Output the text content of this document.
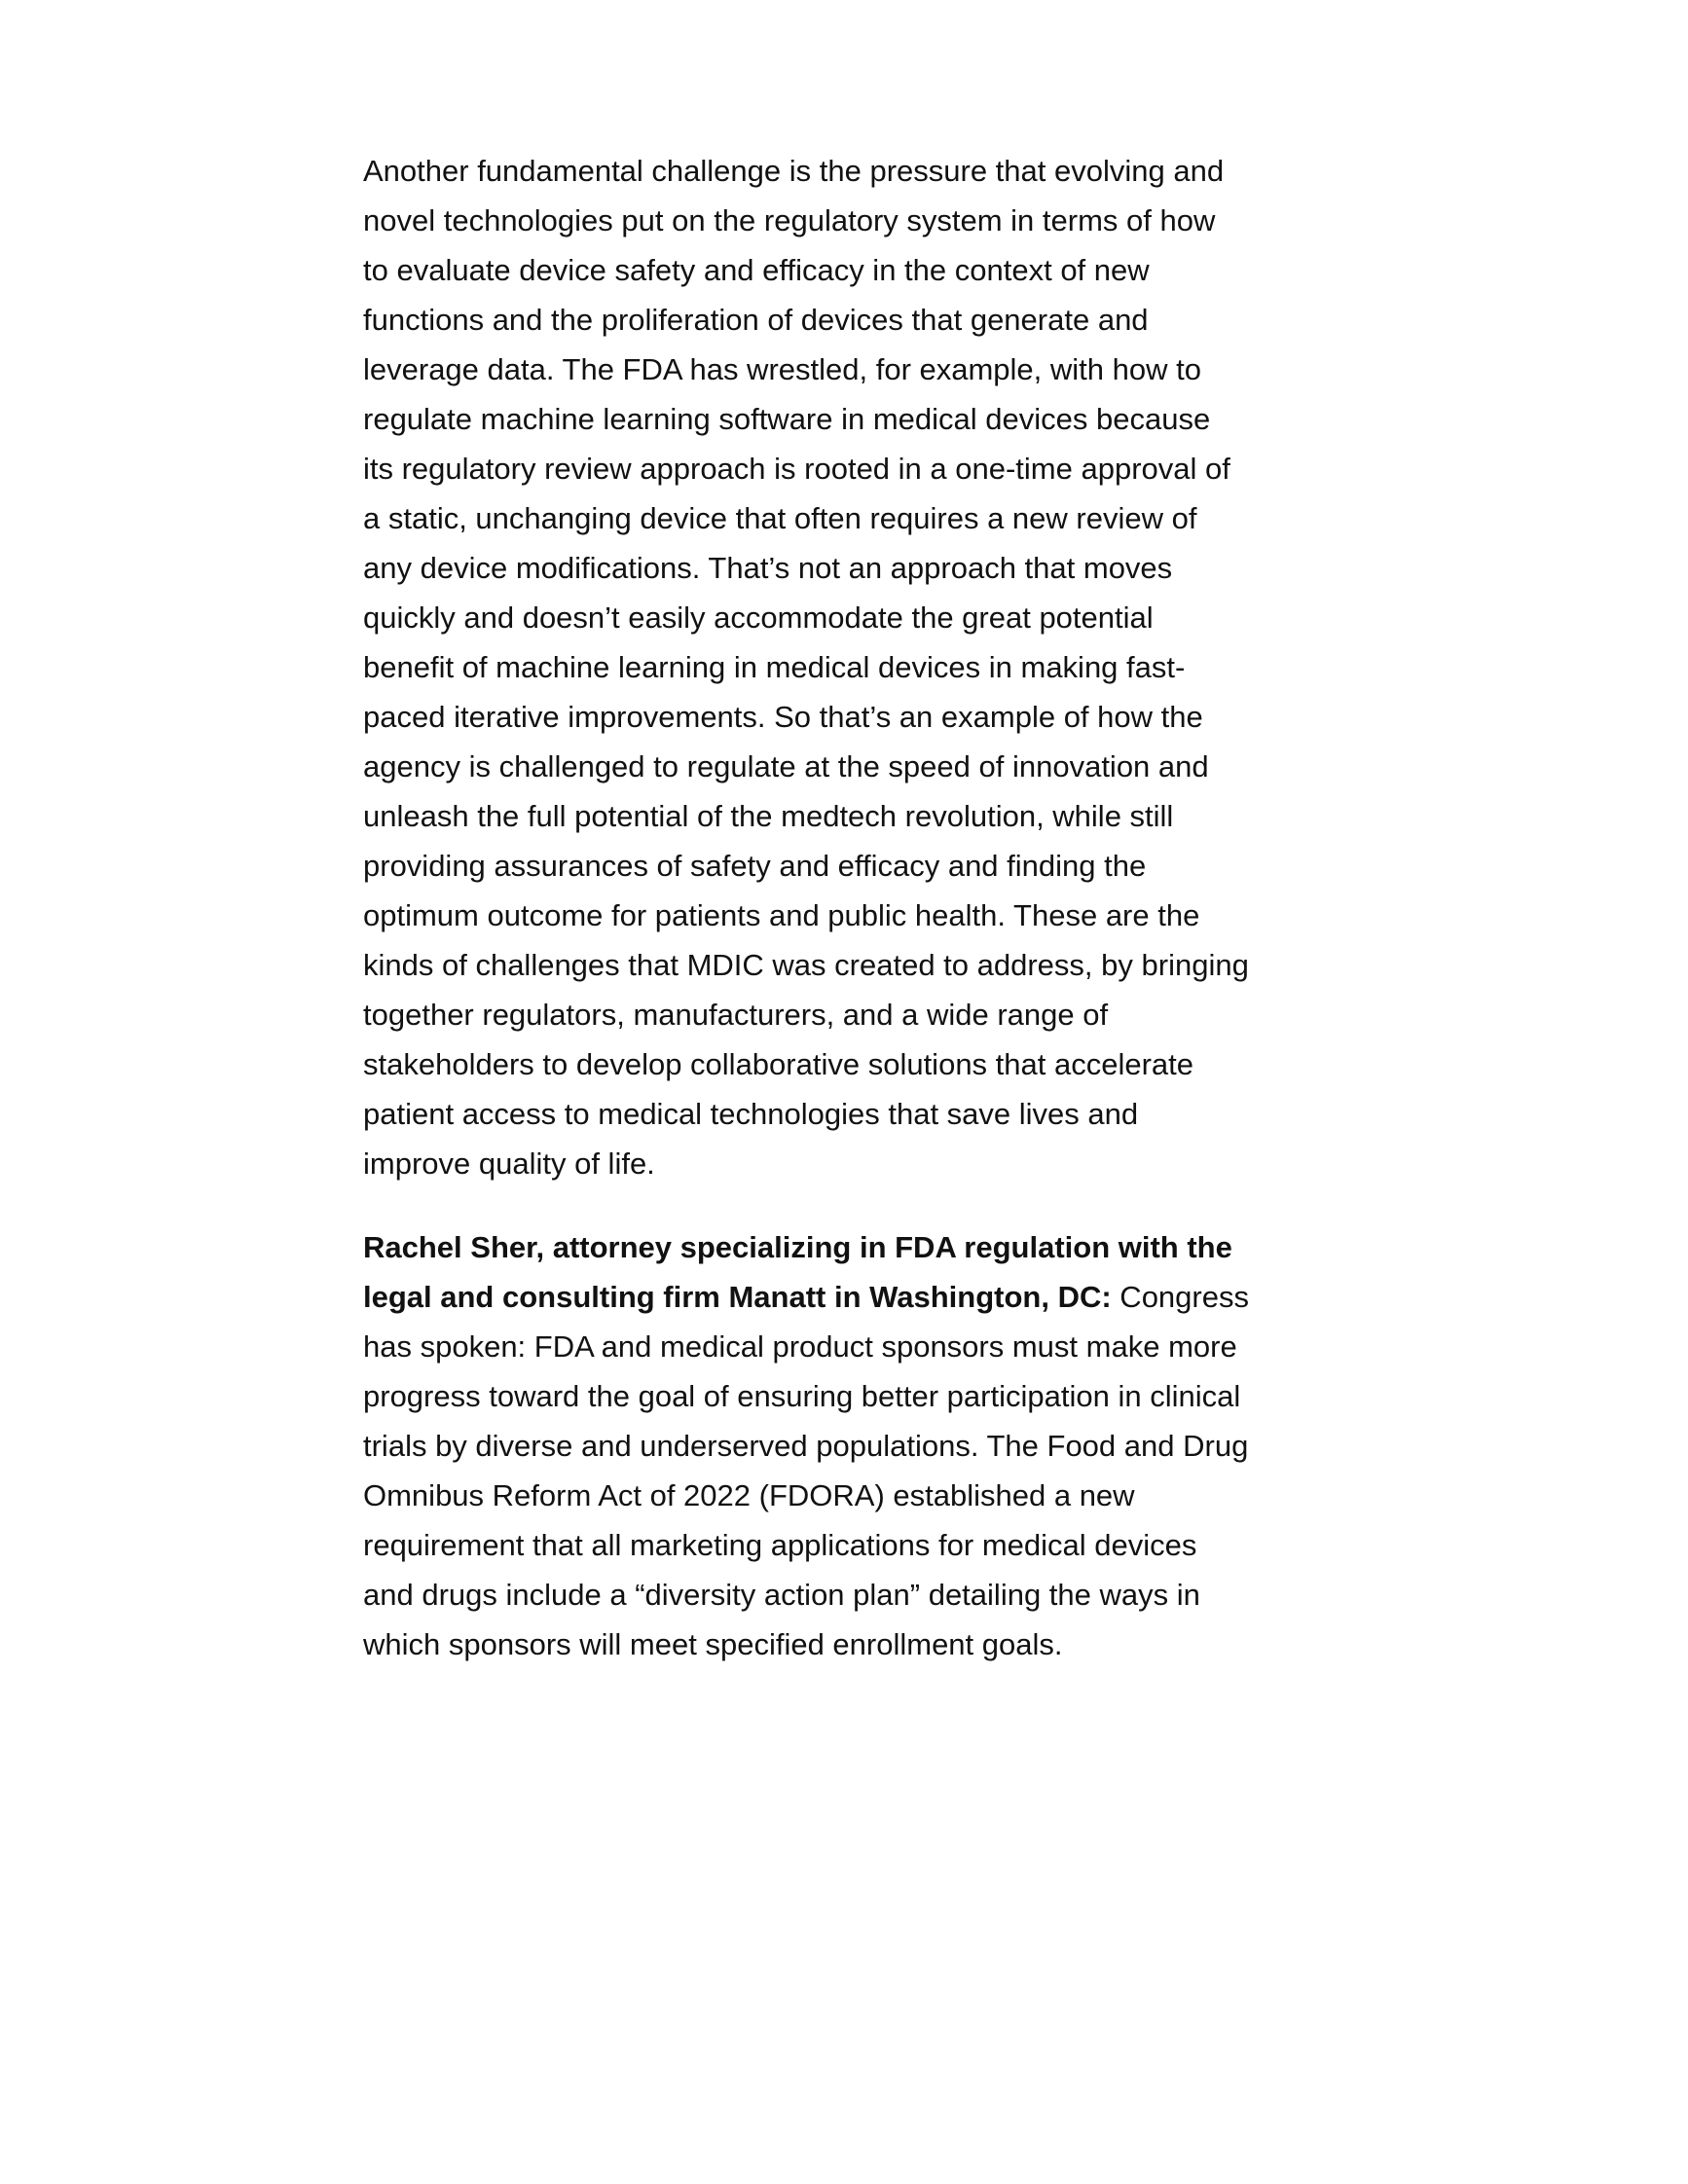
Another fundamental challenge is the pressure that evolving and
novel technologies put on the regulatory system in terms of how
to evaluate device safety and efficacy in the context of new
functions and the proliferation of devices that generate and
leverage data. The FDA has wrestled, for example, with how to
regulate machine learning software in medical devices because
its regulatory review approach is rooted in a one-time approval of
a static, unchanging device that often requires a new review of
any device modifications. That’s not an approach that moves
quickly and doesn’t easily accommodate the great potential
benefit of machine learning in medical devices in making fast-
paced iterative improvements. So that’s an example of how the
agency is challenged to regulate at the speed of innovation and
unleash the full potential of the medtech revolution, while still
providing assurances of safety and efficacy and finding the
optimum outcome for patients and public health. These are the
kinds of challenges that MDIC was created to address, by bringing
together regulators, manufacturers, and a wide range of
stakeholders to develop collaborative solutions that accelerate
patient access to medical technologies that save lives and
improve quality of life.

Rachel Sher, attorney specializing in FDA regulation with the
legal and consulting firm Manatt in Washington, DC: Congress
has spoken: FDA and medical product sponsors must make more
progress toward the goal of ensuring better participation in clinical
trials by diverse and underserved populations. The Food and Drug
Omnibus Reform Act of 2022 (FDORA) established a new
requirement that all marketing applications for medical devices
and drugs include a “diversity action plan” detailing the ways in
which sponsors will meet specified enrollment goals.
